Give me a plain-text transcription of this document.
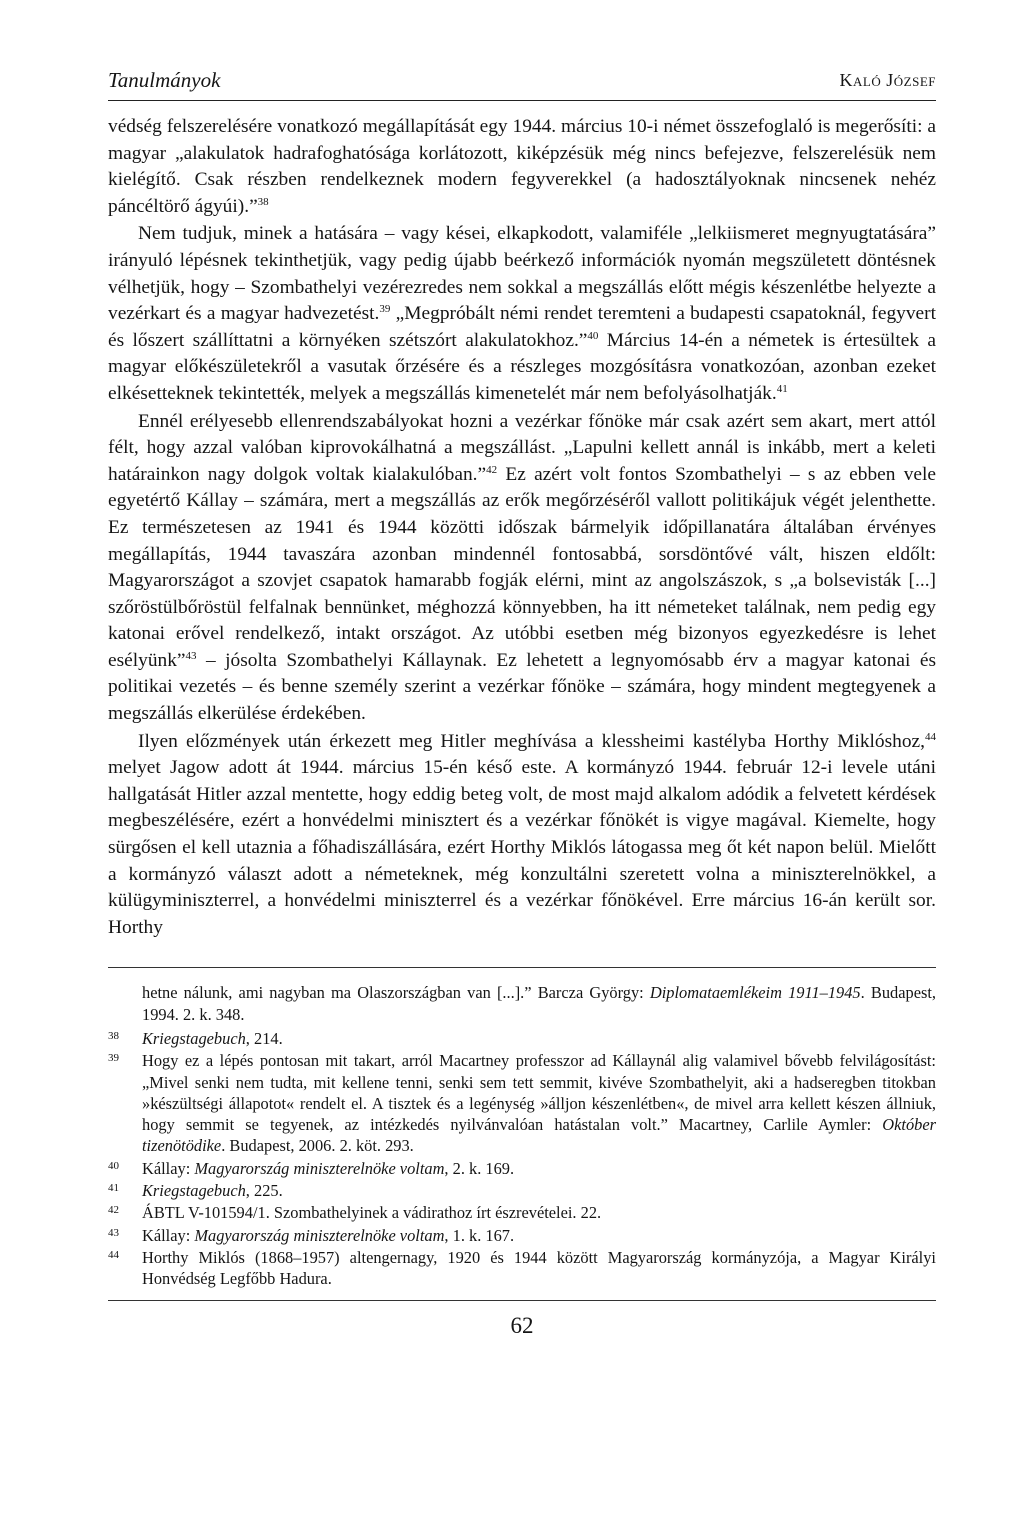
Tanulmányok	Kaló József

védség felszerelésére vonatkozó megállapítását egy 1944. március 10-i német összefoglaló is megerősíti: a magyar „alakulatok hadrafoghatósága korlátozott, kiképzésük még nincs befejezve, felszerelésük nem kielégítő. Csak részben rendelkeznek modern fegyverekkel (a hadosztályoknak nincsenek nehéz páncéltörő ágyúi).”$^{38}$

Nem tudjuk, minek a hatására – vagy kései, elkapkodott, valamiféle „lelkiismeret megnyugtatására” irányuló lépésnek tekinthetjük, vagy pedig újabb beérkező információk nyomán megszületett döntésnek vélhetjük, hogy – Szombathelyi vezérezredes nem sokkal a megszállás előtt mégis készenlétbe helyezte a vezérkart és a magyar hadvezetést.$^{39}$ „Megpróbált némi rendet teremteni a budapesti csapatoknál, fegyvert és lőszert szállíttatni a környéken szétszórt alakulatokhoz.”$^{40}$ Március 14-én a németek is értesültek a magyar előkészületekről a vasutak őrzésére és a részleges mozgósításra vonatkozóan, azonban ezeket elkésetteknek tekintették, melyek a megszállás kimenetelét már nem befolyásolhatják.$^{41}$

Ennél erélyesebb ellenrendszabályokat hozni a vezérkar főnöke már csak azért sem akart, mert attól félt, hogy azzal valóban kiprovokálhatná a megszállást. „Lapulni kellett annál is inkább, mert a keleti határainkon nagy dolgok voltak kialakulóban.”$^{42}$ Ez azért volt fontos Szombathelyi – s az ebben vele egyetértő Kállay – számára, mert a megszállás az erők megőrzéséről vallott politikájuk végét jelenthette. Ez természetesen az 1941 és 1944 közötti időszak bármelyik időpillanatára általában érvényes megállapítás, 1944 tavaszára azonban mindennél fontosabbá, sorsdöntővé vált, hiszen eldőlt: Magyarországot a szovjet csapatok hamarabb fogják elérni, mint az angolszászok, s „a bolsevisták [...] szőröstülbőröstül felfalnak bennünket, méghozzá könnyebben, ha itt németeket találnak, nem pedig egy katonai erővel rendelkező, intakt országot. Az utóbbi esetben még bizonyos egyezkedésre is lehet esélyünk”$^{43}$ – jósolta Szombathelyi Kállaynak. Ez lehetett a legnyomósabb érv a magyar katonai és politikai vezetés – és benne személy szerint a vezérkar főnöke – számára, hogy mindent megtegyenek a megszállás elkerülése érdekében.

Ilyen előzmények után érkezett meg Hitler meghívása a klessheimi kastélyba Horthy Miklóshoz,$^{44}$ melyet Jagow adott át 1944. március 15-én késő este. A kormányzó 1944. február 12-i levele utáni hallgatását Hitler azzal mentette, hogy eddig beteg volt, de most majd alkalom adódik a felvetett kérdések megbeszélésére, ezért a honvédelmi minisztert és a vezérkar főnökét is vigye magával. Kiemelte, hogy sürgősen el kell utaznia a főhadiszállására, ezért Horthy Miklós látogassa meg őt két napon belül. Mielőtt a kormányzó választ adott a németeknek, még konzultálni szeretett volna a miniszterelnökkel, a külügyminiszterrel, a honvédelmi miniszterrel és a vezérkar főnökével. Erre március 16-án került sor. Horthy

hetne nálunk, ami nagyban ma Olaszországban van [...].” Barcza György: Diplomataemlékeim 1911–1945. Budapest, 1994. 2. k. 348.
38 Kriegstagebuch, 214.
39 Hogy ez a lépés pontosan mit takart, arról Macartney professzor ad Kállaynál alig valamivel bővebb felvilágosítást: „Mivel senki nem tudta, mit kellene tenni, senki sem tett semmit, kivéve Szombathelyit, aki a hadseregben titokban »készültségi állapotot« rendelt el. A tisztek és a legénység »álljon készenlétben«, de mivel arra kellett készen állniuk, hogy semmit se tegyenek, az intézkedés nyilvánvalóan hatástalan volt.” Macartney, Carlile Aymler: Október tizenötödike. Budapest, 2006. 2. köt. 293.
40 Kállay: Magyarország miniszterelnöke voltam, 2. k. 169.
41 Kriegstagebuch, 225.
42 ÁBTL V-101594/1. Szombathelyinek a vádirathoz írt észrevételei. 22.
43 Kállay: Magyarország miniszterelnöke voltam, 1. k. 167.
44 Horthy Miklós (1868–1957) altengernagy, 1920 és 1944 között Magyarország kormányzója, a Magyar Királyi Honvédség Legfőbb Hadura.
62
